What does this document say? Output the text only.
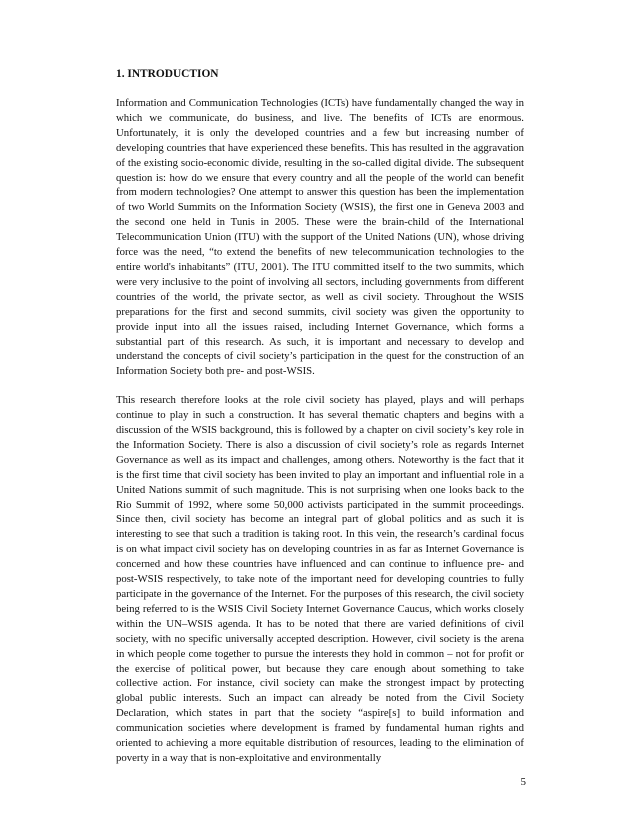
1. INTRODUCTION

Information and Communication Technologies (ICTs) have fundamentally changed the way in which we communicate, do business, and live. The benefits of ICTs are enormous. Unfortunately, it is only the developed countries and a few but increasing number of developing countries that have experienced these benefits. This has resulted in the aggravation of the existing socio-economic divide, resulting in the so-called digital divide. The subsequent question is: how do we ensure that every country and all the people of the world can benefit from modern technologies? One attempt to answer this question has been the implementation of two World Summits on the Information Society (WSIS), the first one in Geneva 2003 and the second one held in Tunis in 2005. These were the brain-child of the International Telecommunication Union (ITU) with the support of the United Nations (UN), whose driving force was the need, “to extend the benefits of new telecommunication technologies to the entire world's inhabitants” (ITU, 2001). The ITU committed itself to the two summits, which were very inclusive to the point of involving all sectors, including governments from different countries of the world, the private sector, as well as civil society. Throughout the WSIS preparations for the first and second summits, civil society was given the opportunity to provide input into all the issues raised, including Internet Governance, which forms a substantial part of this research. As such, it is important and necessary to develop and understand the concepts of civil society’s participation in the quest for the construction of an Information Society both pre- and post-WSIS.

This research therefore looks at the role civil society has played, plays and will perhaps continue to play in such a construction. It has several thematic chapters and begins with a discussion of the WSIS background, this is followed by a chapter on civil society’s key role in the Information Society. There is also a discussion of civil society’s role as regards Internet Governance as well as its impact and challenges, among others. Noteworthy is the fact that it is the first time that civil society has been invited to play an important and influential role in a United Nations summit of such magnitude. This is not surprising when one looks back to the Rio Summit of 1992, where some 50,000 activists participated in the summit proceedings. Since then, civil society has become an integral part of global politics and as such it is interesting to see that such a tradition is taking root. In this vein, the research’s cardinal focus is on what impact civil society has on developing countries in as far as Internet Governance is concerned and how these countries have influenced and can continue to influence pre- and post-WSIS respectively, to take note of the important need for developing countries to fully participate in the governance of the Internet. For the purposes of this research, the civil society being referred to is the WSIS Civil Society Internet Governance Caucus, which works closely within the UN–WSIS agenda. It has to be noted that there are varied definitions of civil society, with no specific universally accepted description. However, civil society is the arena in which people come together to pursue the interests they hold in common – not for profit or the exercise of political power, but because they care enough about something to take collective action. For instance, civil society can make the strongest impact by protecting global public interests. Such an impact can already be noted from the Civil Society Declaration, which states in part that the society “aspire[s] to build information and communication societies where development is framed by fundamental human rights and oriented to achieving a more equitable distribution of resources, leading to the elimination of poverty in a way that is non-exploitative and environmentally

5
